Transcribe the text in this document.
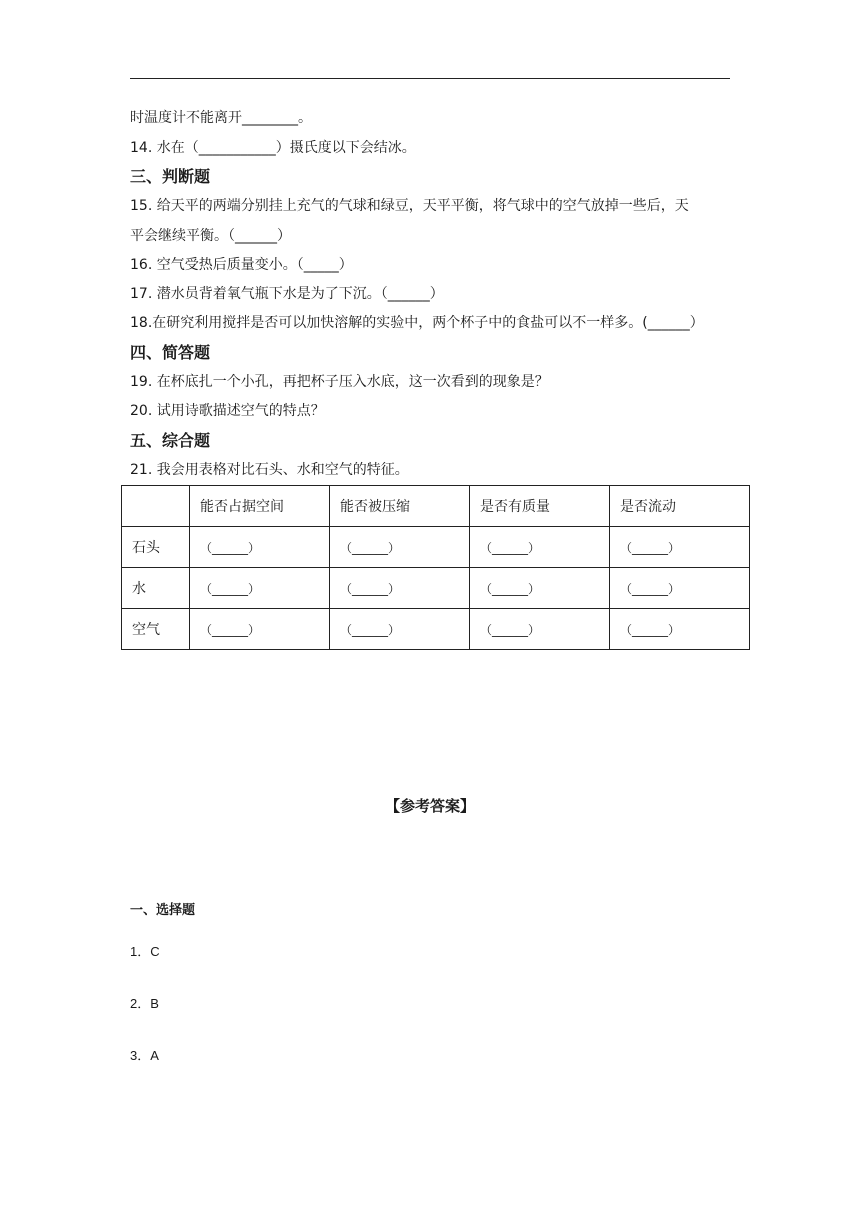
时温度计不能离开________。
14. 水在（___________）摄氏度以下会结冰。
三、判断题
15. 给天平的两端分别挂上充气的气球和绿豆，天平平衡，将气球中的空气放掉一些后，天
平会继续平衡。（______）
16. 空气受热后质量变小。（_____）
17. 潜水员背着氧气瓶下水是为了下沉。（______）
18.在研究利用搅拌是否可以加快溶解的实验中，两个杯子中的食盐可以不一样多。(______）
四、简答题
19. 在杯底扎一个小孔，再把杯子压入水底，这一次看到的现象是？
20. 试用诗歌描述空气的特点？
五、综合题
21. 我会用表格对比石头、水和空气的特征。
	能否占据空间	能否被压缩	是否有质量	是否流动
石头	（______）	（______）	（______）	（______）
水	（______）	（______）	（______）	（______）
空气	（______）	（______）	（______）	（______）
【参考答案】
一、选择题
1．C
2．B
3．A
